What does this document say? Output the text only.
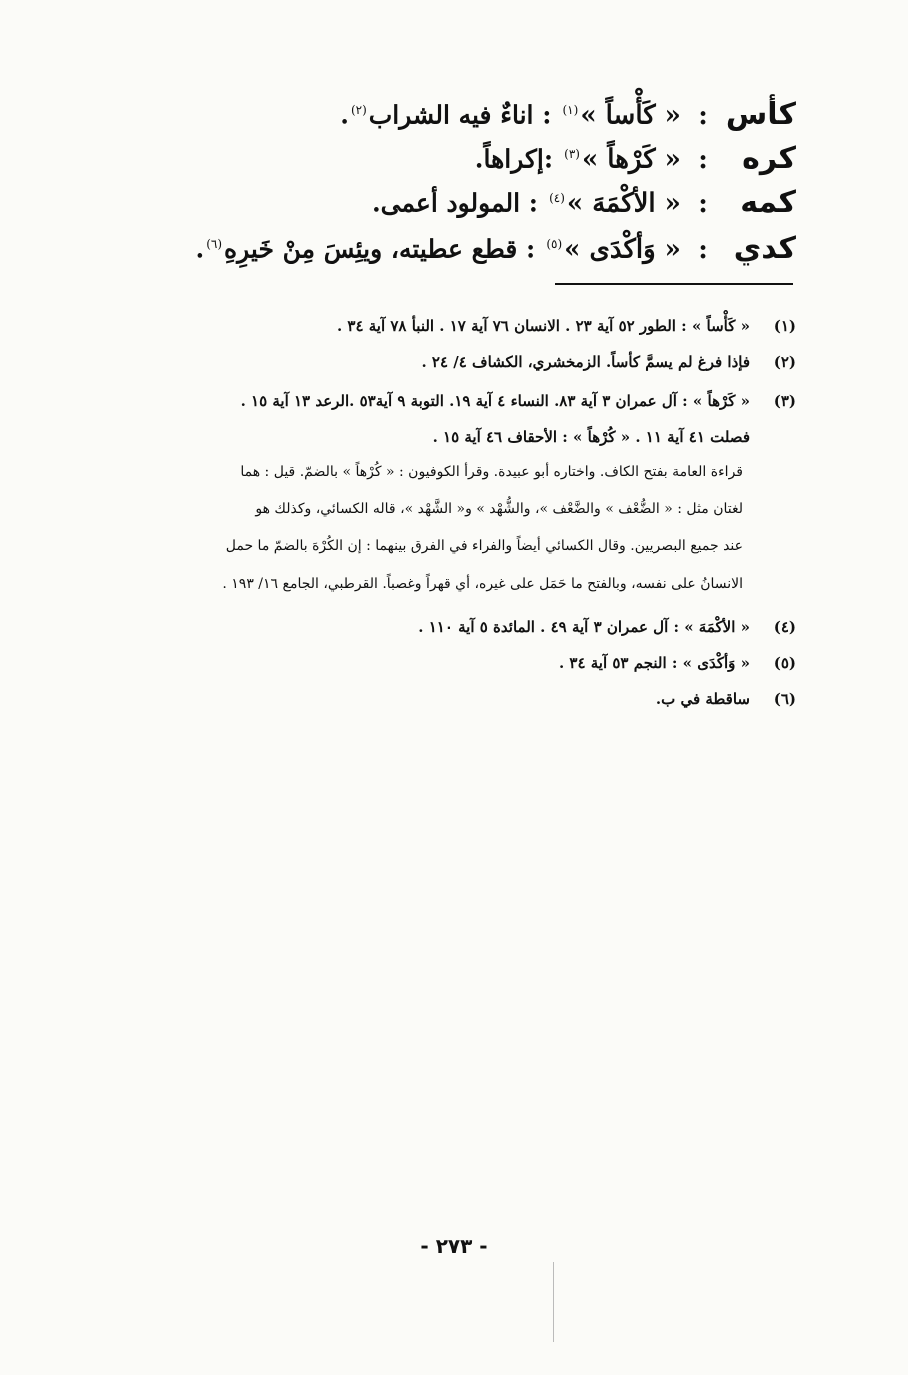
كأس: « كَأْساً »$^{(١)}$ : اناءٌ فيه الشراب$^{(٢)}$.
كره: « كَرْهاً »$^{(٣)}$ :إكراهاً.
كمه: « الأكْمَهَ »$^{(٤)}$ : المولود أعمى.
كدي: « وَأكْدَى »$^{(٥)}$ : قطع عطيته، ويئِسَ مِنْ خَيرِهِ$^{(٦)}$.
(١)« كَأْساً » : الطور ٥٢ آية ٢٣ . الانسان ٧٦ آية ١٧ . النبأ ٧٨ آية ٣٤ .
(٢)فإذا فرغ لم يسمَّ كأساً. الزمخشري، الكشاف ٤/ ٢٤ .
(٣)« كَرْهاً » : آل عمران ٣ آية ٨٣. النساء ٤ آية ١٩. التوبة ٩ آية٥٣ .الرعد ١٣ آية ١٥ .
فصلت ٤١ آية ١١ . « كُرْهاً » : الأحقاف ٤٦ آية ١٥ .
قراءة العامة بفتح الكاف. واختاره أبو عبيدة. وقرأ الكوفيون : « كُرْهاً » بالضمّ. قيل : هما
لغتان مثل : « الضُّعْف » والضَّعْف »، والشُّهْد » و« الشَّهْد »، قاله الكسائي، وكذلك هو
عند جميع البصريين. وقال الكسائي أيضاً والفراء في الفرق بينهما : إن الكُرْهَ بالضمّ ما حمل
الانسانُ على نفسه، وبالفتح ما حَمَل على غيره، أي قهراً وغصباً. القرطبي، الجامع ١٦/ ١٩٣ .
(٤)« الأكْمَهَ » : آل عمران ٣ آية ٤٩ . المائدة ٥ آية ١١٠ .
(٥)« وَأكْدَى » : النجم ٥٣ آية ٣٤ .
(٦)ساقطة في ب.
- ٢٧٣ -
